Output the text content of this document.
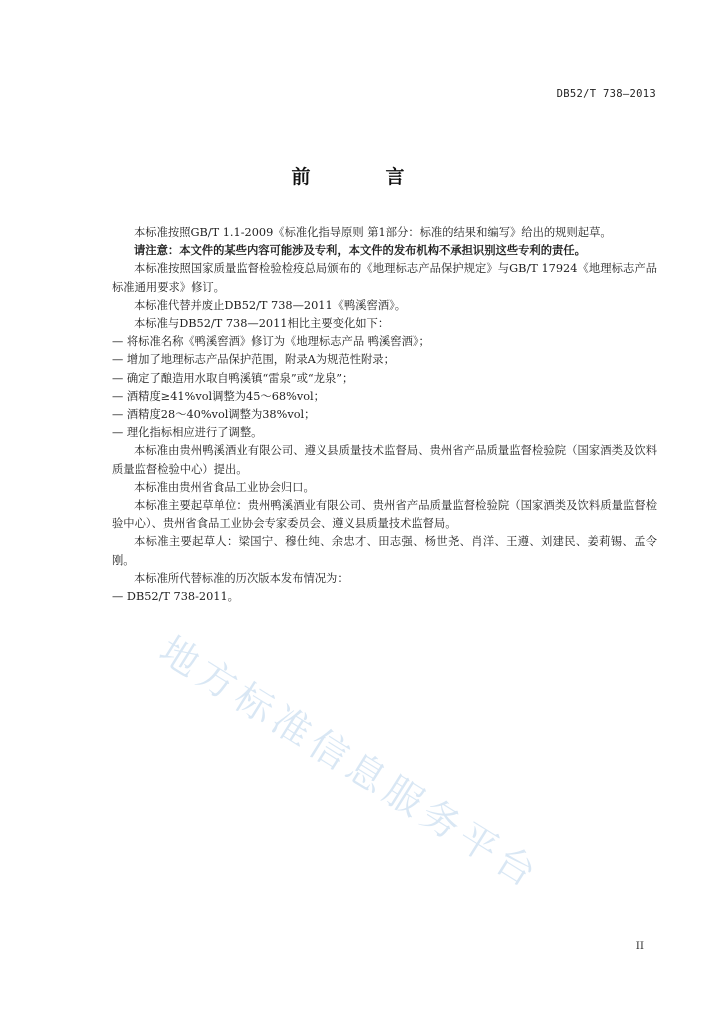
DB52/T 738—2013
前　言

本标准按照GB/T 1.1-2009《标准化指导原则 第1部分：标准的结果和编写》给出的规则起草。

请注意：本文件的某些内容可能涉及专利，本文件的发布机构不承担识别这些专利的责任。

本标准按照国家质量监督检验检疫总局颁布的《地理标志产品保护规定》与GB/T 17924《地理标志产品标准通用要求》修订。

本标准代替并废止DB52/T 738—2011《鸭溪窖酒》。

本标准与DB52/T 738—2011相比主要变化如下：

— 将标准名称《鸭溪窖酒》修订为《地理标志产品 鸭溪窖酒》；

— 增加了地理标志产品保护范围，附录A为规范性附录；

— 确定了酿造用水取自鸭溪镇“雷泉”或“龙泉”；

— 酒精度≥41%vol调整为45～68%vol；

— 酒精度28～40%vol调整为38%vol；

— 理化指标相应进行了调整。

本标准由贵州鸭溪酒业有限公司、遵义县质量技术监督局、贵州省产品质量监督检验院（国家酒类及饮料质量监督检验中心）提出。

本标准由贵州省食品工业协会归口。

本标准主要起草单位：贵州鸭溪酒业有限公司、贵州省产品质量监督检验院（国家酒类及饮料质量监督检验中心）、贵州省食品工业协会专家委员会、遵义县质量技术监督局。

本标准主要起草人：梁国宁、穆仕纯、余忠才、田志强、杨世尧、肖洋、王遵、刘建民、姜莉锡、孟令刚。

本标准所代替标准的历次版本发布情况为：

— DB52/T 738-2011。

地方标准信息服务平台
II
